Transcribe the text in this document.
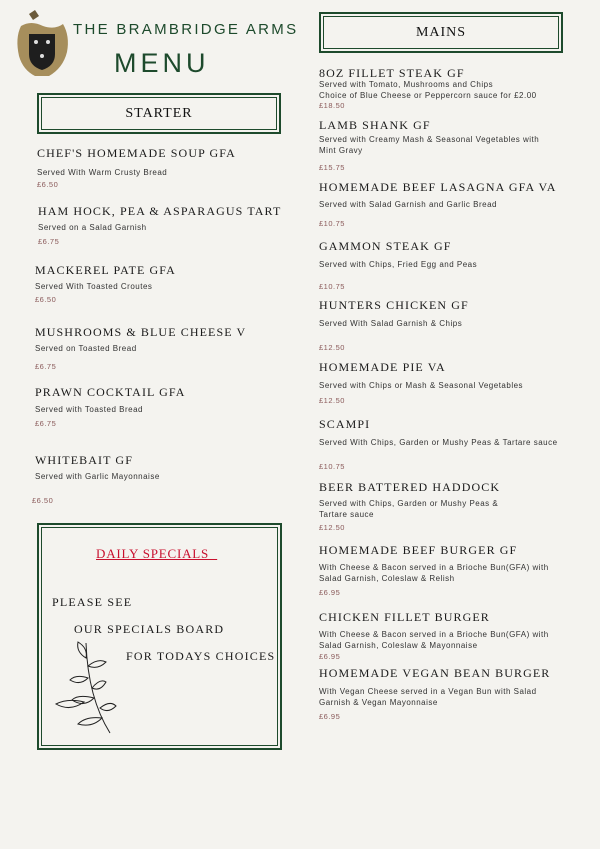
THE BRAMBRIDGE ARMS
MENU
STARTER
MAINS
CHEF'S HOMEMADE SOUP GFA
Served With Warm Crusty Bread
£6.50
HAM HOCK, PEA & ASPARAGUS TART
Served on a Salad Garnish
£6.75
MACKEREL PATE GFA
Served With Toasted Croutes
£6.50
MUSHROOMS & BLUE CHEESE V
Served on Toasted Bread
£6.75
PRAWN COCKTAIL GFA
Served with Toasted Bread
£6.75
WHITEBAIT GF
Served with Garlic Mayonnaise
£6.50
8OZ FILLET STEAK GF
Served with Tomato, Mushrooms and Chips
Choice of Blue Cheese or Peppercorn sauce for £2.00
£18.50
LAMB SHANK GF
Served with Creamy Mash & Seasonal Vegetables with Mint Gravy
£15.75
HOMEMADE BEEF LASAGNA GFA VA
Served with Salad Garnish and Garlic Bread
£10.75
GAMMON STEAK GF
Served with Chips, Fried Egg and Peas
£10.75
HUNTERS CHICKEN GF
Served With Salad Garnish & Chips
£12.50
HOMEMADE PIE VA
Served with Chips or Mash & Seasonal Vegetables
£12.50
SCAMPI
Served With Chips, Garden or Mushy Peas & Tartare sauce
£10.75
BEER BATTERED HADDOCK
Served with Chips, Garden or Mushy Peas & Tartare sauce
£12.50
HOMEMADE BEEF BURGER GF
With Cheese & Bacon served in a Brioche Bun(GFA) with Salad Garnish, Coleslaw & Relish
£6.95
CHICKEN FILLET BURGER
With Cheese & Bacon served in a Brioche Bun(GFA) with Salad Garnish, Coleslaw & Mayonnaise
£6.95
HOMEMADE VEGAN BEAN BURGER
With Vegan Cheese served in a Vegan Bun with Salad Garnish & Vegan Mayonnaise
£6.95
DAILY SPECIALS
PLEASE SEE
OUR SPECIALS BOARD
FOR TODAYS CHOICES
